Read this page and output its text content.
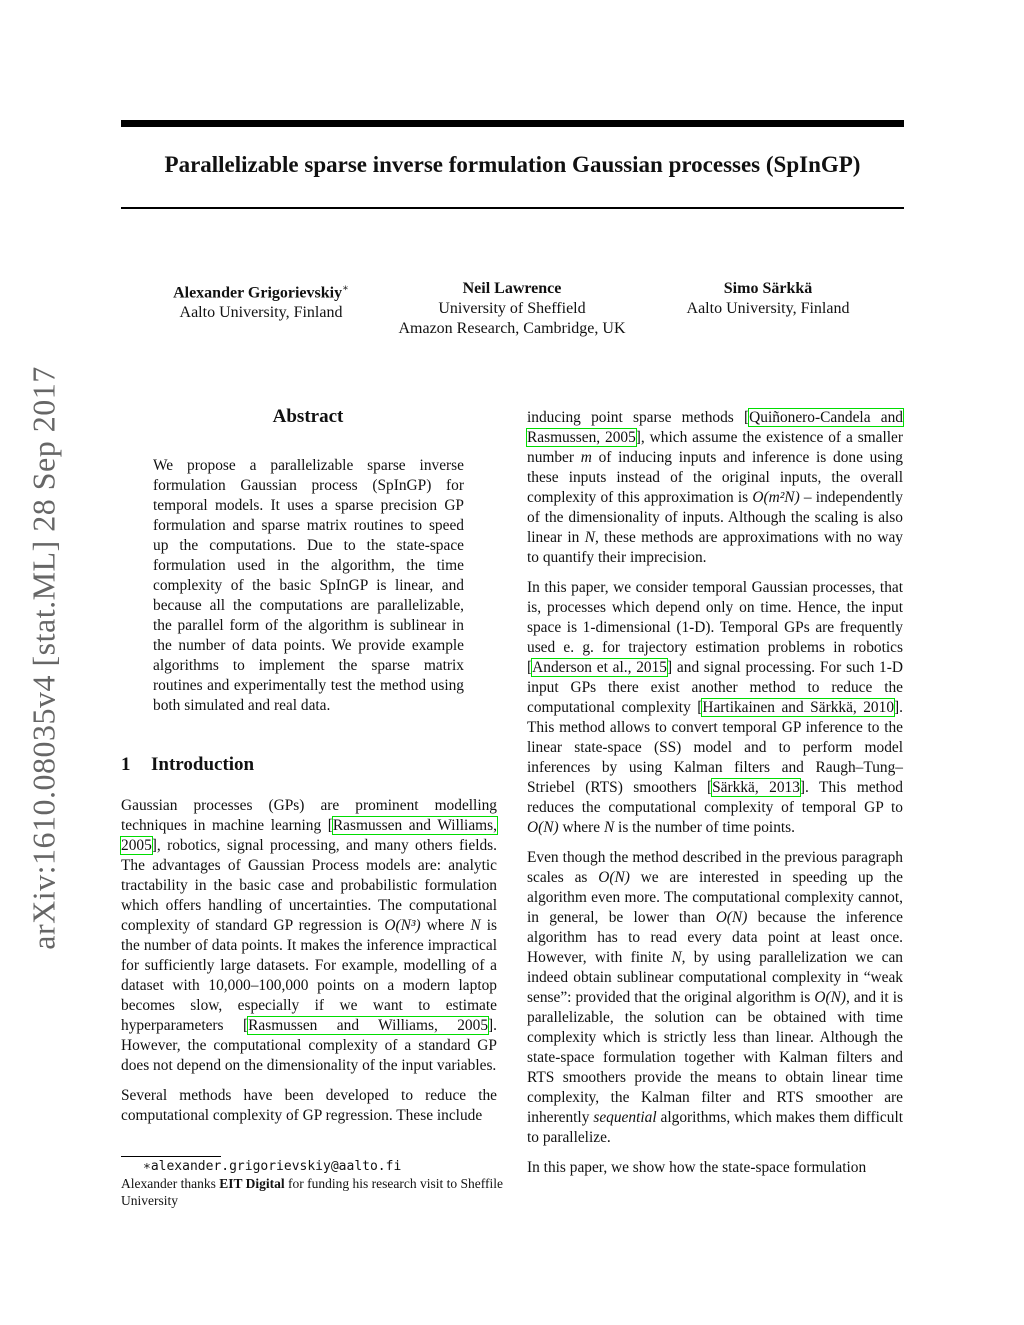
Parallelizable sparse inverse formulation Gaussian processes (SpInGP)
arXiv:1610.08035v4 [stat.ML] 28 Sep 2017
Alexander Grigorievskiy∗
Aalto University, Finland
Neil Lawrence
University of Sheffield
Amazon Research, Cambridge, UK
Simo Särkkä
Aalto University, Finland
Abstract

We propose a parallelizable sparse inverse formulation Gaussian process (SpInGP) for temporal models. It uses a sparse precision GP formulation and sparse matrix routines to speed up the computations. Due to the state-space formulation used in the algorithm, the time complexity of the basic SpInGP is linear, and because all the computations are parallelizable, the parallel form of the algorithm is sublinear in the number of data points. We provide example algorithms to implement the sparse matrix routines and experimentally test the method using both simulated and real data.

1 Introduction

Gaussian processes (GPs) are prominent modelling techniques in machine learning [Rasmussen and Williams, 2005], robotics, signal processing, and many others fields. The advantages of Gaussian Process models are: analytic tractability in the basic case and probabilistic formulation which offers handling of uncertainties. The computational complexity of standard GP regression is O(N³) where N is the number of data points. It makes the inference impractical for sufficiently large datasets. For example, modelling of a dataset with 10,000–100,000 points on a modern laptop becomes slow, especially if we want to estimate hyperparameters [Rasmussen and Williams, 2005]. However, the computational complexity of a standard GP does not depend on the dimensionality of the input variables.

Several methods have been developed to reduce the computational complexity of GP regression. These include

inducing point sparse methods [Quiñonero-Candela and Rasmussen, 2005], which assume the existence of a smaller number m of inducing inputs and inference is done using these inputs instead of the original inputs, the overall complexity of this approximation is O(m²N) – independently of the dimensionality of inputs. Although the scaling is also linear in N, these methods are approximations with no way to quantify their imprecision.

In this paper, we consider temporal Gaussian processes, that is, processes which depend only on time. Hence, the input space is 1-dimensional (1-D). Temporal GPs are frequently used e. g. for trajectory estimation problems in robotics [Anderson et al., 2015] and signal processing. For such 1-D input GPs there exist another method to reduce the computational complexity [Hartikainen and Särkkä, 2010]. This method allows to convert temporal GP inference to the linear state-space (SS) model and to perform model inferences by using Kalman filters and Raugh–Tung–Striebel (RTS) smoothers [Särkkä, 2013]. This method reduces the computational complexity of temporal GP to O(N) where N is the number of time points.

Even though the method described in the previous paragraph scales as O(N) we are interested in speeding up the algorithm even more. The computational complexity cannot, in general, be lower than O(N) because the inference algorithm has to read every data point at least once. However, with finite N, by using parallelization we can indeed obtain sublinear computational complexity in “weak sense”: provided that the original algorithm is O(N), and it is parallelizable, the solution can be obtained with time complexity which is strictly less than linear. Although the state-space formulation together with Kalman filters and RTS smoothers provide the means to obtain linear time complexity, the Kalman filter and RTS smoother are inherently sequential algorithms, which makes them difficult to parallelize.

In this paper, we show how the state-space formulation

∗alexander.grigorievskiy@aalto.fi
Alexander thanks EIT Digital for funding his research visit to Sheffile University
